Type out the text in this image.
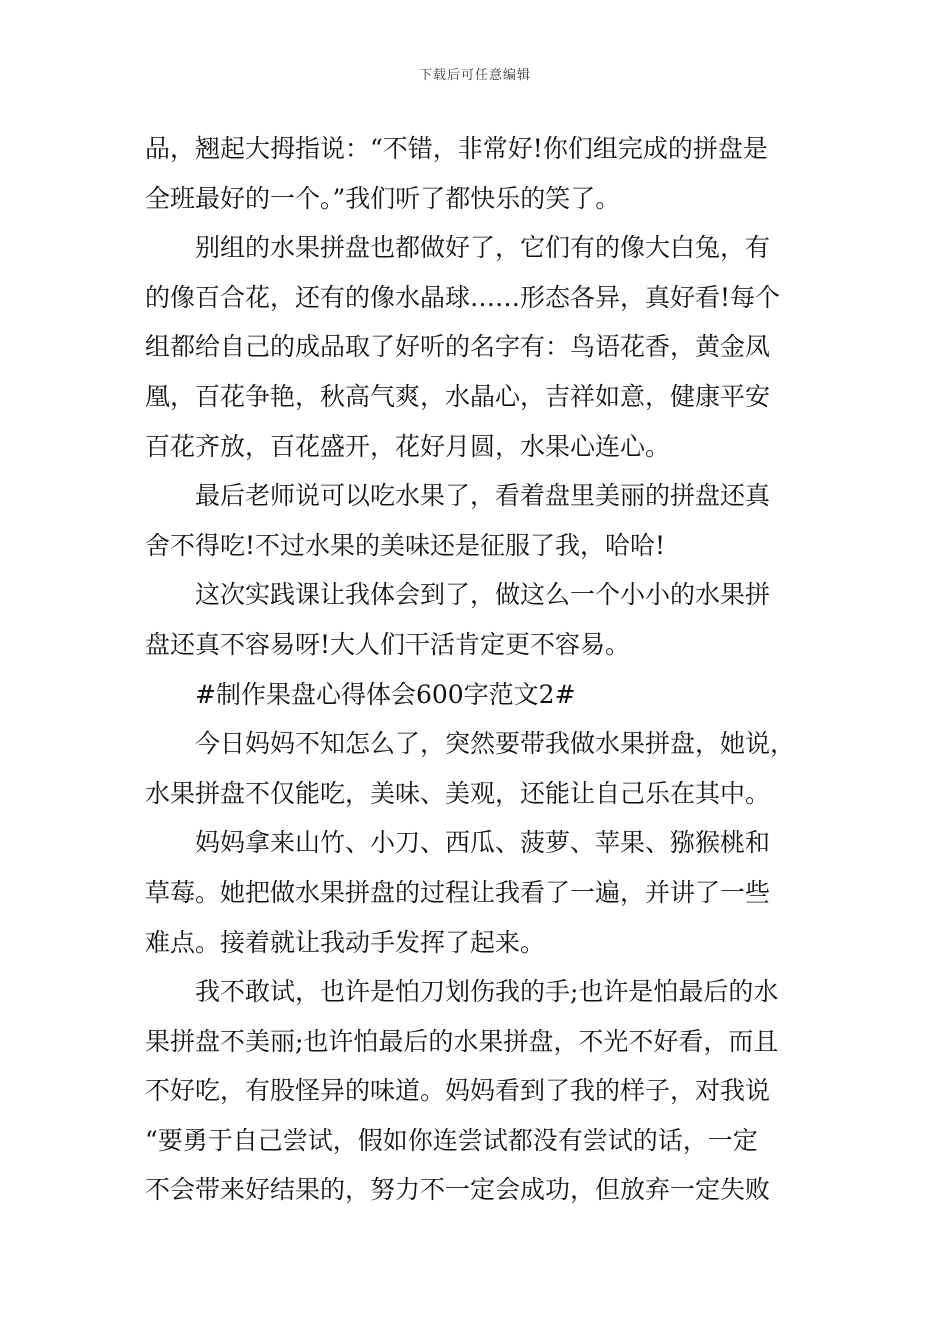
下载后可任意编辑
品，翘起大拇指说：“不错，非常好!你们组完成的拼盘是
全班最好的一个。”我们听了都快乐的笑了。
别组的水果拼盘也都做好了，它们有的像大白兔，有
的像百合花，还有的像水晶球……形态各异，真好看!每个
组都给自己的成品取了好听的名字有：鸟语花香，黄金凤
凰，百花争艳，秋高气爽，水晶心，吉祥如意，健康平安
百花齐放，百花盛开，花好月圆，水果心连心。
最后老师说可以吃水果了，看着盘里美丽的拼盘还真
舍不得吃!不过水果的美味还是征服了我，哈哈!
这次实践课让我体会到了，做这么一个小小的水果拼
盘还真不容易呀!大人们干活肯定更不容易。
#制作果盘心得体会600字范文2#
今日妈妈不知怎么了，突然要带我做水果拼盘，她说，
水果拼盘不仅能吃，美味、美观，还能让自己乐在其中。
妈妈拿来山竹、小刀、西瓜、菠萝、苹果、猕猴桃和
草莓。她把做水果拼盘的过程让我看了一遍，并讲了一些
难点。接着就让我动手发挥了起来。
我不敢试，也许是怕刀划伤我的手;也许是怕最后的水
果拼盘不美丽;也许怕最后的水果拼盘，不光不好看，而且
不好吃，有股怪异的味道。妈妈看到了我的样子，对我说
“要勇于自己尝试，假如你连尝试都没有尝试的话，一定
不会带来好结果的，努力不一定会成功，但放弃一定失败
